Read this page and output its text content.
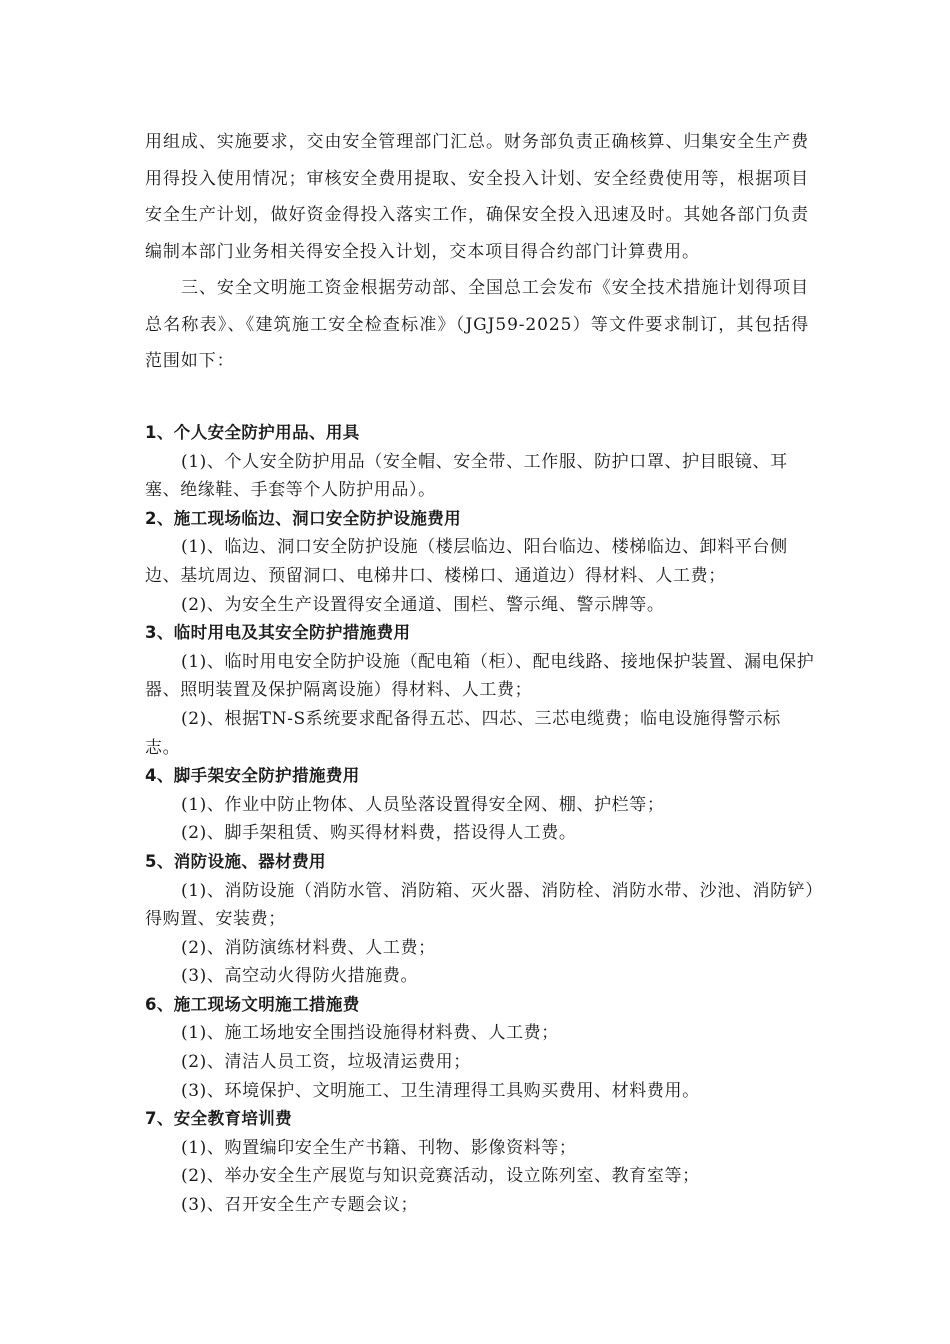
用组成、实施要求，交由安全管理部门汇总。财务部负责正确核算、归集安全生产费用得投入使用情况；审核安全费用提取、安全投入计划、安全经费使用等，根据项目安全生产计划，做好资金得投入落实工作，确保安全投入迅速及时。其她各部门负责编制本部门业务相关得安全投入计划，交本项目得合约部门计算费用。

三、安全文明施工资金根据劳动部、全国总工会发布《安全技术措施计划得项目总名称表》、《建筑施工安全检查标准》（JGJ59-2025）等文件要求制订，其包括得范围如下：

1、个人安全防护用品、用具

(1)、个人安全防护用品（安全帽、安全带、工作服、防护口罩、护目眼镜、耳塞、绝缘鞋、手套等个人防护用品）。

2、施工现场临边、洞口安全防护设施费用

(1)、临边、洞口安全防护设施（楼层临边、阳台临边、楼梯临边、卸料平台侧边、基坑周边、预留洞口、电梯井口、楼梯口、通道边）得材料、人工费；

(2)、为安全生产设置得安全通道、围栏、警示绳、警示牌等。

3、临时用电及其安全防护措施费用

(1)、临时用电安全防护设施（配电箱（柜）、配电线路、接地保护装置、漏电保护器、照明装置及保护隔离设施）得材料、人工费；

(2)、根据TN-S系统要求配备得五芯、四芯、三芯电缆费；临电设施得警示标志。

4、脚手架安全防护措施费用

(1)、作业中防止物体、人员坠落设置得安全网、棚、护栏等；

(2)、脚手架租赁、购买得材料费，搭设得人工费。

5、消防设施、器材费用

(1)、消防设施（消防水管、消防箱、灭火器、消防栓、消防水带、沙池、消防铲）得购置、安装费；

(2)、消防演练材料费、人工费；

(3)、高空动火得防火措施费。

6、施工现场文明施工措施费

(1)、施工场地安全围挡设施得材料费、人工费；

(2)、清洁人员工资，垃圾清运费用；

(3)、环境保护、文明施工、卫生清理得工具购买费用、材料费用。

7、安全教育培训费

(1)、购置编印安全生产书籍、刊物、影像资料等；

(2)、举办安全生产展览与知识竞赛活动，设立陈列室、教育室等；

(3)、召开安全生产专题会议；
